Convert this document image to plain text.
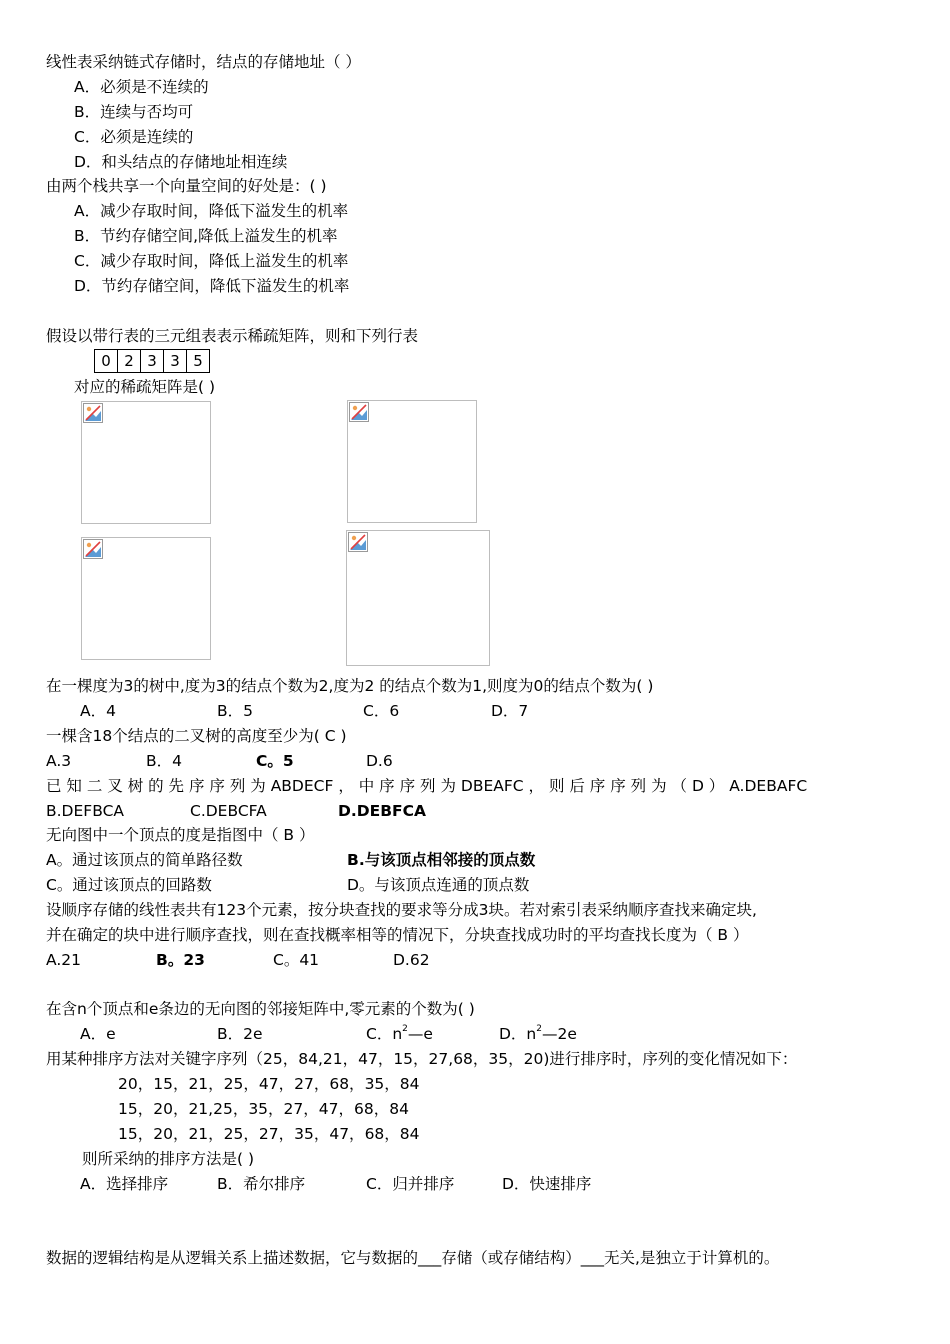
线性表采纳链式存储时，结点的存储地址（ ）
A．必须是不连续的
B．连续与否均可
C．必须是连续的
D．和头结点的存储地址相连续
由两个栈共享一个向量空间的好处是：( )
A．减少存取时间，降低下溢发生的机率
B．节约存储空间,降低上溢发生的机率
C．减少存取时间，降低上溢发生的机率
D．节约存储空间，降低下溢发生的机率
假设以带行表的三元组表表示稀疏矩阵，则和下列行表
0	2	3	3	5
对应的稀疏矩阵是( )
在一棵度为3的树中,度为3的结点个数为2,度为2 的结点个数为1,则度为0的结点个数为( )
A．4	B．5	C．6	D．7
一棵含18个结点的二叉树的高度至少为( C )
A.3	B．4	C。5	D.6
已 知 二 叉 树 的 先 序 序 列 为 ABDECF ， 中 序 序 列 为 DBEAFC ， 则 后 序 序 列 为 （ D ） A.DEBAFC
B.DEFBCA	C.DEBCFA	D.DEBFCA
无向图中一个顶点的度是指图中（ B ）
A。通过该顶点的简单路径数	B.与该顶点相邻接的顶点数
C。通过该顶点的回路数	D。与该顶点连通的顶点数
设顺序存储的线性表共有123个元素，按分块查找的要求等分成3块。若对索引表采纳顺序查找来确定块,
并在确定的块中进行顺序查找，则在查找概率相等的情况下，分块查找成功时的平均查找长度为（ B ）
A.21	B。23	C。41	D.62
在含n个顶点和e条边的无向图的邻接矩阵中,零元素的个数为( )
A．e	B．2e	C．$n^2—e$	D．$n^2—2e$
用某种排序方法对关键字序列（25，84,21，47，15，27,68，35，20)进行排序时，序列的变化情况如下：
20，15，21，25，47，27，68，35，84
15，20，21,25，35，27，47，68，84
15，20，21，25，27，35，47，68，84
则所采纳的排序方法是( )
A．选择排序	B．希尔排序	C．归并排序	D．快速排序
数据的逻辑结构是从逻辑关系上描述数据，它与数据的___存储（或存储结构）___无关,是独立于计算机的。
